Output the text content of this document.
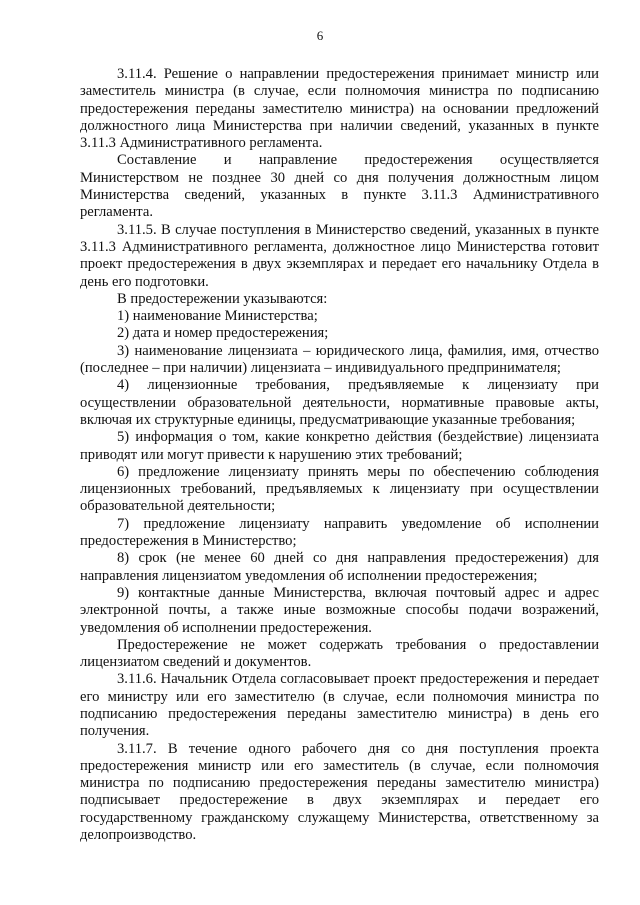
6

3.11.4. Решение о направлении предостережения принимает министр или заместитель министра (в случае, если полномочия министра по подписанию предостережения переданы заместителю министра) на основании предложений должностного лица Министерства при наличии сведений, указанных в пункте 3.11.3 Административного регламента.

Составление и направление предостережения осуществляется Министерством не позднее 30 дней со дня получения должностным лицом Министерства сведений, указанных в пункте 3.11.3 Административного регламента.

3.11.5. В случае поступления в Министерство сведений, указанных в пункте 3.11.3 Административного регламента, должностное лицо Министерства готовит проект предостережения в двух экземплярах и передает его начальнику Отдела в день его подготовки.

В предостережении указываются:

1) наименование Министерства;

2) дата и номер предостережения;

3) наименование лицензиата – юридического лица, фамилия, имя, отчество (последнее – при наличии) лицензиата – индивидуального предпринимателя;

4) лицензионные требования, предъявляемые к лицензиату при осуществлении образовательной деятельности, нормативные правовые акты, включая их структурные единицы, предусматривающие указанные требования;

5) информация о том, какие конкретно действия (бездействие) лицензиата приводят или могут привести к нарушению этих требований;

6) предложение лицензиату принять меры по обеспечению соблюдения лицензионных требований, предъявляемых к лицензиату при осуществлении образовательной деятельности;

7) предложение лицензиату направить уведомление об исполнении предостережения в Министерство;

8) срок (не менее 60 дней со дня направления предостережения) для направления лицензиатом уведомления об исполнении предостережения;

9) контактные данные Министерства, включая почтовый адрес и адрес электронной почты, а также иные возможные способы подачи возражений, уведомления об исполнении предостережения.

Предостережение не может содержать требования о предоставлении лицензиатом сведений и документов.

3.11.6. Начальник Отдела согласовывает проект предостережения и передает его министру или его заместителю (в случае, если полномочия министра по подписанию предостережения переданы заместителю министра) в день его получения.

3.11.7. В течение одного рабочего дня со дня поступления проекта предостережения министр или его заместитель (в случае, если полномочия министра по подписанию предостережения переданы заместителю министра) подписывает предостережение в двух экземплярах и передает его государственному гражданскому служащему Министерства, ответственному за делопроизводство.
